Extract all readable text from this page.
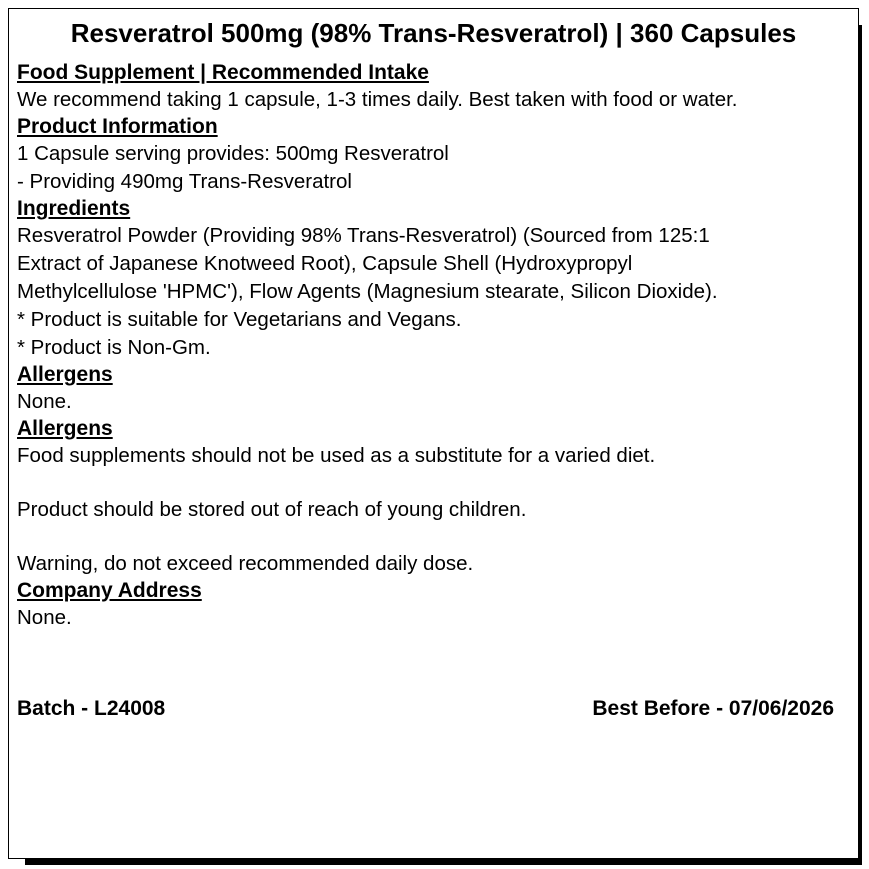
Resveratrol 500mg (98% Trans-Resveratrol) | 360 Capsules
Food Supplement | Recommended Intake
We recommend taking 1 capsule, 1-3 times daily. Best taken with food or water.
Product Information
1 Capsule serving provides: 500mg Resveratrol
- Providing 490mg Trans-Resveratrol
Ingredients
Resveratrol Powder (Providing 98% Trans-Resveratrol) (Sourced from 125:1
Extract of Japanese Knotweed Root), Capsule Shell (Hydroxypropyl
Methylcellulose 'HPMC'), Flow Agents (Magnesium stearate, Silicon Dioxide).
* Product is suitable for Vegetarians and Vegans.
* Product is Non-Gm.
Allergens
None.
Allergens
Food supplements should not be used as a substitute for a varied diet.
Product should be stored out of reach of young children.
Warning, do not exceed recommended daily dose.
Company Address
None.
Batch - L24008	Best Before - 07/06/2026
